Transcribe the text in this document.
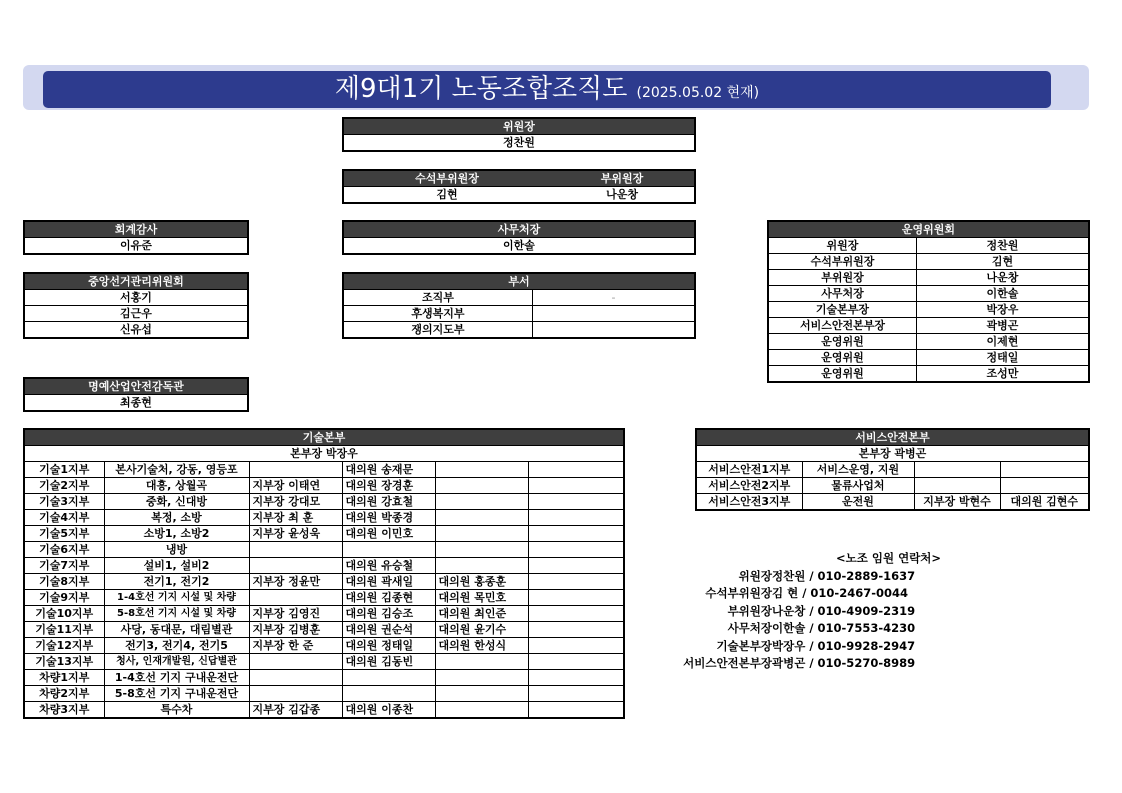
제9대1기 노동조합조직도 (2025.05.02 현재)
위원장
정찬원
수석부위원장	부위원장
김현	나운창
사무처장
이한솔
부서	
조직부	-
후생복지부	
쟁의지도부	
회계감사
이유준
중앙선거관리위원회
서홍기
김근우
신유섭
명예산업안전감독관
최종현
운영위원회	
위원장	정찬원
수석부위원장	김현
부위원장	나운창
사무처장	이한솔
기술본부장	박장우
서비스안전본부장	곽병곤
운영위원	이제현
운영위원	정태일
운영위원	조성만
기술본부					
본부장 박장우					
기술1지부	본사기술처, 강동, 영등포		대의원 송재문		
기술2지부	대흥, 상월곡	지부장 이태연	대의원 장경훈		
기술3지부	중화, 신대방	지부장 강대모	대의원 강효철		
기술4지부	복정, 소방	지부장 최 훈	대의원 박종경		
기술5지부	소방1, 소방2	지부장 윤성욱	대의원 이민호		
기술6지부	냉방				
기술7지부	설비1, 설비2		대의원 유승철		
기술8지부	전기1, 전기2	지부장 정윤만	대의원 곽새일	대의원 홍종훈	
기술9지부	1-4호선 기지 시설 및 차량		대의원 김종현	대의원 목민호	
기술10지부	5-8호선 기지 시설 및 차량	지부장 김영진	대의원 김승조	대의원 최인준	
기술11지부	사당, 동대문, 대림별관	지부장 김병훈	대의원 권순석	대의원 윤기수	
기술12지부	전기3, 전기4, 전기5	지부장 한 준	대의원 정태일	대의원 한성식	
기술13지부	청사, 인재개발원, 신답별관		대의원 김동빈		
차량1지부	1-4호선 기지 구내운전단				
차량2지부	5-8호선 기지 구내운전단				
차량3지부	특수차	지부장 김갑종	대의원 이종찬		
서비스안전본부			
본부장 곽병곤			
서비스안전1지부	서비스운영, 지원		
서비스안전2지부	물류사업처		
서비스안전3지부	운전원	지부장 박현수	대의원 김현수
<노조 임원 연락처>
위원장 정찬원 / 010-2889-1637
수석부위원장 김 현 / 010-2467-0044
부위원장 나운창 / 010-4909-2319
사무처장 이한솔 / 010-7553-4230
기술본부장 박장우 / 010-9928-2947
서비스안전본부장 곽병곤 / 010-5270-8989
